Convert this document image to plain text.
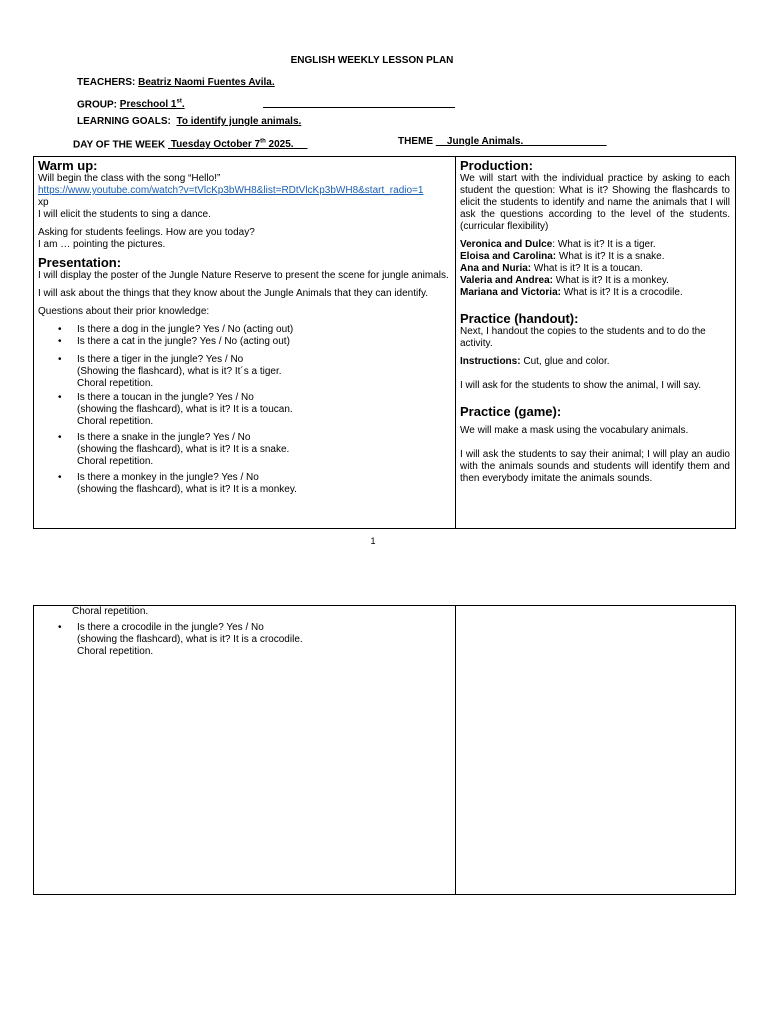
ENGLISH WEEKLY LESSON PLAN
TEACHERS: Beatriz Naomi Fuentes Avila.
GROUP: Preschool 1st.
LEARNING GOALS: To identify jungle animals.
DAY OF THE WEEK Tuesday October 7th 2025.	THEME Jungle Animals.

Warm up:

Will begin the class with the song “Hello!”

https://www.youtube.com/watch?v=tVlcKp3bWH8&list=RDtVlcKp3bWH8&start_radio=1

xp

I will elicit the students to sing a dance.

Asking for students feelings. How are you today?

I am … pointing the pictures.

Presentation:

I will display the poster of the Jungle Nature Reserve to present the scene for jungle animals.

I will ask about the things that they know about the Jungle Animals that they can identify.

Questions about their prior knowledge:

• Is there a dog in the jungle? Yes / No (acting out)
• Is there a cat in the jungle? Yes / No (acting out)
• Is there a tiger in the jungle? Yes / No
(Showing the flashcard), what is it? It´s a tiger.
Choral repetition.
• Is there a toucan in the jungle? Yes / No
(showing the flashcard), what is it? It is a toucan.
Choral repetition.
• Is there a snake in the jungle? Yes / No
(showing the flashcard), what is it? It is a snake.
Choral repetition.
• Is there a monkey in the jungle? Yes / No
(showing the flashcard), what is it? It is a monkey.

Production:

We will start with the individual practice by asking to each student the question: What is it? Showing the flashcards to elicit the students to identify and name the animals that I will ask the questions according to the level of the students. (curricular flexibility)

Veronica and Dulce: What is it? It is a tiger.

Eloisa and Carolina: What is it? It is a snake.

Ana and Nuria: What is it? It is a toucan.

Valeria and Andrea: What is it? It is a monkey.

Mariana and Victoria: What is it? It is a crocodile.

Practice (handout):

Next, I handout the copies to the students and to do the activity.

Instructions: Cut, glue and color.

I will ask for the students to show the animal, I will say.

Practice (game):

We will make a mask using the vocabulary animals.

I will ask the students to say their animal; I will play an audio with the animals sounds and students will identify them and then everybody imitate the animals sounds.

1

Choral repetition.

• Is there a crocodile in the jungle? Yes / No
(showing the flashcard), what is it? It is a crocodile.
Choral repetition.
